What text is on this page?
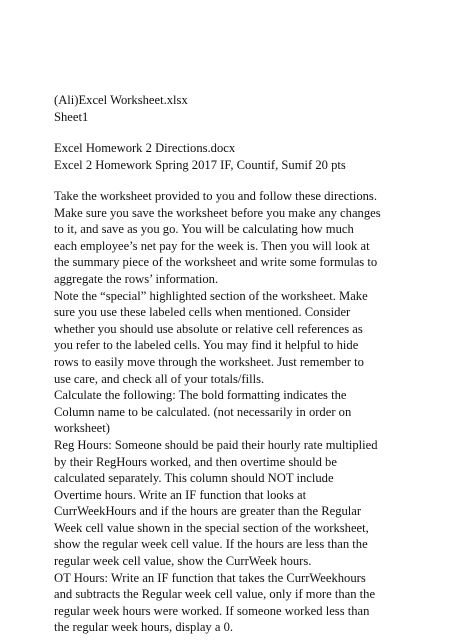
(Ali)Excel Worksheet.xlsx
Sheet1
Excel Homework 2 Directions.docx
Excel 2 Homework Spring 2017 IF, Countif, Sumif 20 pts
Take the worksheet provided to you and follow these directions.
Make sure you save the worksheet before you make any changes
to it, and save as you go. You will be calculating how much
each employee’s net pay for the week is. Then you will look at
the summary piece of the worksheet and write some formulas to
aggregate the rows’ information.
Note the “special” highlighted section of the worksheet. Make
sure you use these labeled cells when mentioned. Consider
whether you should use absolute or relative cell references as
you refer to the labeled cells. You may find it helpful to hide
rows to easily move through the worksheet. Just remember to
use care, and check all of your totals/fills.
Calculate the following: The bold formatting indicates the
Column name to be calculated. (not necessarily in order on
worksheet)
Reg Hours: Someone should be paid their hourly rate multiplied
by their RegHours worked, and then overtime should be
calculated separately. This column should NOT include
Overtime hours. Write an IF function that looks at
CurrWeekHours and if the hours are greater than the Regular
Week cell value shown in the special section of the worksheet,
show the regular week cell value. If the hours are less than the
regular week cell value, show the CurrWeek hours.
OT Hours: Write an IF function that takes the CurrWeekhours
and subtracts the Regular week cell value, only if more than the
regular week hours were worked. If someone worked less than
the regular week hours, display a 0.
